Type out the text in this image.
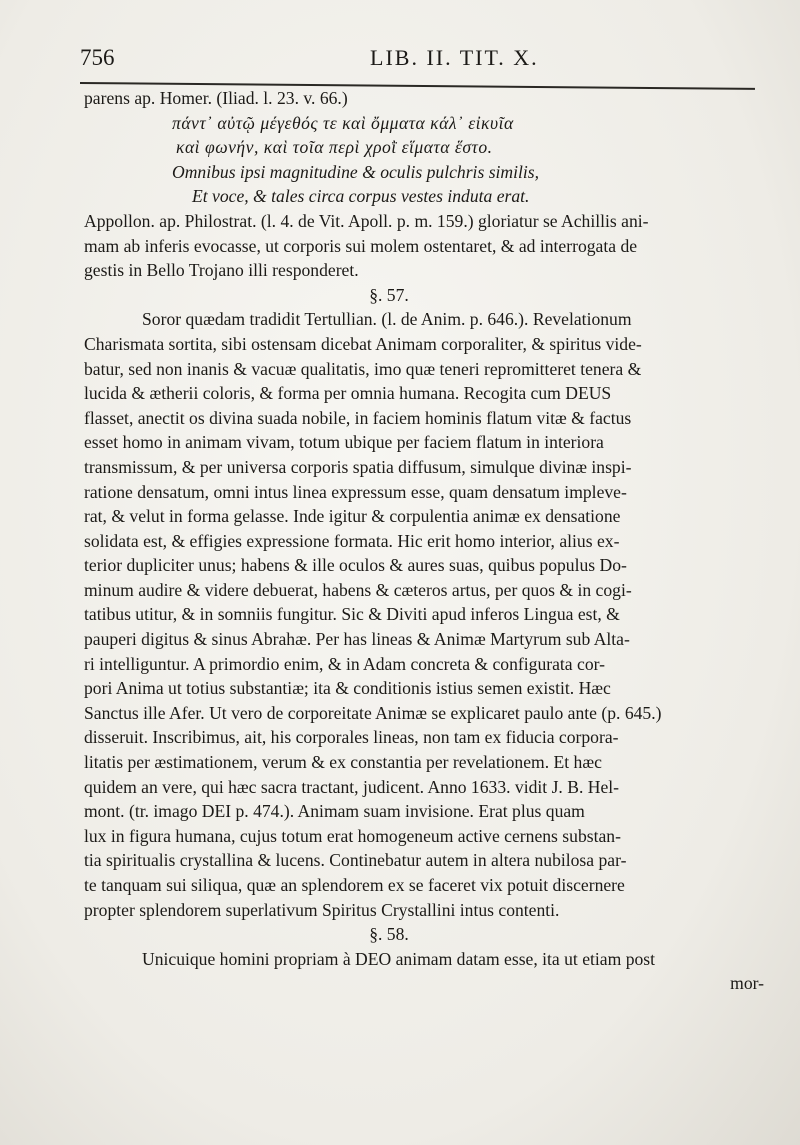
756	LIB. II. TIT. X.
parens ap. Homer. (Iliad. l. 23. v. 66.)
πάντ᾿ αὐτῷ μέγεθός τε καὶ ὄμματα κάλ᾿ εἰκυῖα
καὶ φωνήν, καὶ τοῖα περὶ χροῒ εἵματα ἕστο.
Omnibus ipsi magnitudine & oculis pulchris similis,
Et voce, & tales circa corpus vestes induta erat.
Appollon. ap. Philostrat. (l. 4. de Vit. Apoll. p. m. 159.) gloriatur se Achillis ani-
mam ab inferis evocasse, ut corporis sui molem ostentaret, & ad interrogata de
gestis in Bello Trojano illi responderet.
§. 57.
Soror quædam tradidit Tertullian. (l. de Anim. p. 646.). Revelationum
Charismata sortita, sibi ostensam dicebat Animam corporaliter, & spiritus vide-
batur, sed non inanis & vacuæ qualitatis, imo quæ teneri repromitteret tenera &
lucida & ætherii coloris, & forma per omnia humana. Recogita cum DEUS
flasset, anectit os divina suada nobile, in faciem hominis flatum vitæ & factus
esset homo in animam vivam, totum ubique per faciem flatum in interiora
transmissum, & per universa corporis spatia diffusum, simulque divinæ inspi-
ratione densatum, omni intus linea expressum esse, quam densatum impleve-
rat, & velut in forma gelasse. Inde igitur & corpulentia animæ ex densatione
solidata est, & effigies expressione formata. Hic erit homo interior, alius ex-
terior dupliciter unus; habens & ille oculos & aures suas, quibus populus Do-
minum audire & videre debuerat, habens & cæteros artus, per quos & in cogi-
tatibus utitur, & in somniis fungitur. Sic & Diviti apud inferos Lingua est, &
pauperi digitus & sinus Abrahæ. Per has lineas & Animæ Martyrum sub Alta-
ri intelliguntur. A primordio enim, & in Adam concreta & configurata cor-
pori Anima ut totius substantiæ; ita & conditionis istius semen existit. Hæc
Sanctus ille Afer. Ut vero de corporeitate Animæ se explicaret paulo ante (p. 645.)
disseruit. Inscribimus, ait, his corporales lineas, non tam ex fiducia corpora-
litatis per æstimationem, verum & ex constantia per revelationem. Et hæc
quidem an vere, qui hæc sacra tractant, judicent. Anno 1633. vidit J. B. Hel-
mont. (tr. imago DEI p. 474.). Animam suam invisione. Erat plus quam
lux in figura humana, cujus totum erat homogeneum active cernens substan-
tia spiritualis crystallina & lucens. Continebatur autem in altera nubilosa par-
te tanquam sui siliqua, quæ an splendorem ex se faceret vix potuit discernere
propter splendorem superlativum Spiritus Crystallini intus contenti.
§. 58.
Unicuique homini propriam à DEO animam datam esse, ita ut etiam post
mor-
